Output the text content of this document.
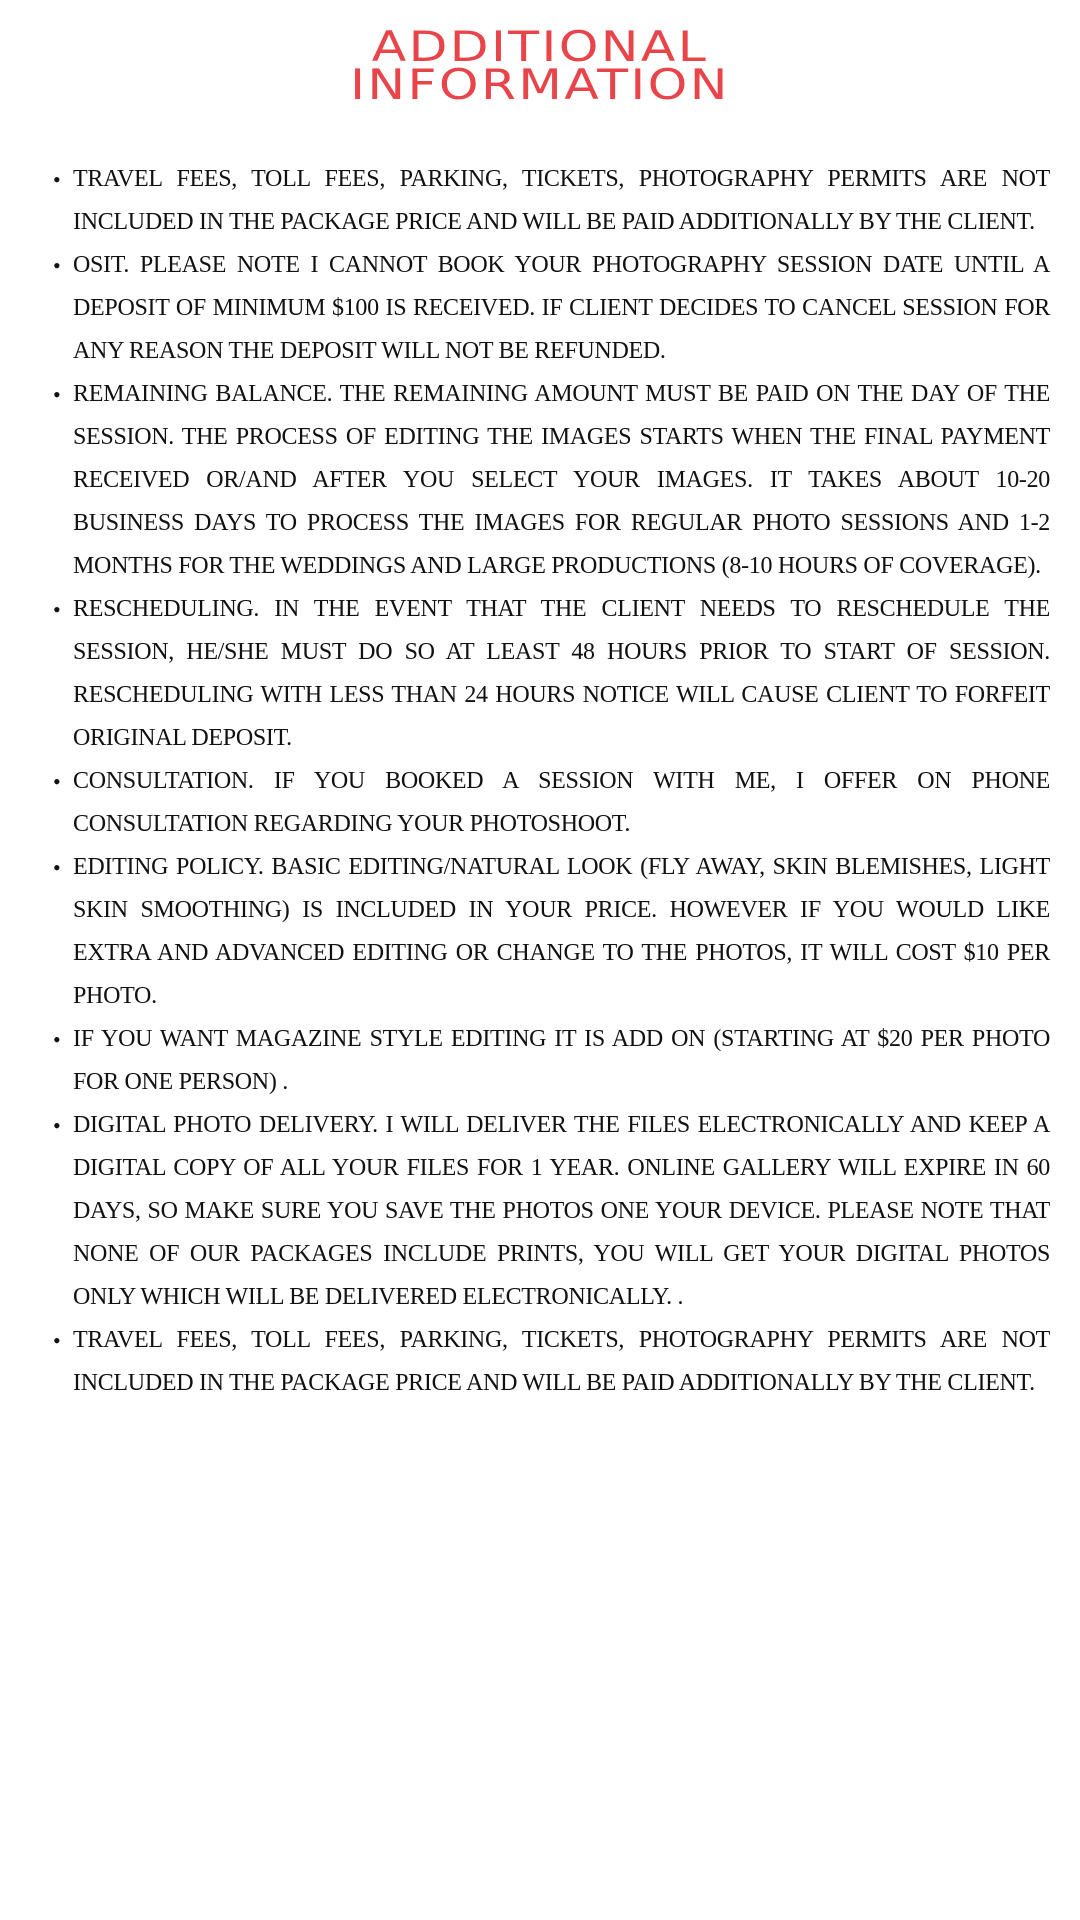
ADDITIONAL
INFORMATION
• TRAVEL FEES, TOLL FEES, PARKING, TICKETS, PHOTOGRAPHY PERMITS ARE NOT INCLUDED IN THE PACKAGE PRICE AND WILL BE PAID ADDITIONALLY BY THE CLIENT.
• OSIT. PLEASE NOTE I CANNOT BOOK YOUR PHOTOGRAPHY SESSION DATE UNTIL A DEPOSIT OF MINIMUM $100 IS RECEIVED. IF CLIENT DECIDES TO CANCEL SESSION FOR ANY REASON THE DEPOSIT WILL NOT BE REFUNDED.
• REMAINING BALANCE. THE REMAINING AMOUNT MUST BE PAID ON THE DAY OF THE SESSION. THE PROCESS OF EDITING THE IMAGES STARTS WHEN THE FINAL PAYMENT RECEIVED OR/AND AFTER YOU SELECT YOUR IMAGES. IT TAKES ABOUT 10-20 BUSINESS DAYS TO PROCESS THE IMAGES FOR REGULAR PHOTO SESSIONS AND 1-2 MONTHS FOR THE WEDDINGS AND LARGE PRODUCTIONS (8-10 HOURS OF COVERAGE).
• RESCHEDULING. IN THE EVENT THAT THE CLIENT NEEDS TO RESCHEDULE THE SESSION, HE/SHE MUST DO SO AT LEAST 48 HOURS PRIOR TO START OF SESSION. RESCHEDULING WITH LESS THAN 24 HOURS NOTICE WILL CAUSE CLIENT TO FORFEIT ORIGINAL DEPOSIT.
• CONSULTATION. IF YOU BOOKED A SESSION WITH ME, I OFFER ON PHONE CONSULTATION REGARDING YOUR PHOTOSHOOT.
• EDITING POLICY. BASIC EDITING/NATURAL LOOK (FLY AWAY, SKIN BLEMISHES, LIGHT SKIN SMOOTHING) IS INCLUDED IN YOUR PRICE. HOWEVER IF YOU WOULD LIKE EXTRA AND ADVANCED EDITING OR CHANGE TO THE PHOTOS, IT WILL COST $10 PER PHOTO.
• IF YOU WANT MAGAZINE STYLE EDITING IT IS ADD ON (STARTING AT $20 PER PHOTO FOR ONE PERSON) .
• DIGITAL PHOTO DELIVERY. I WILL DELIVER THE FILES ELECTRONICALLY AND KEEP A DIGITAL COPY OF ALL YOUR FILES FOR 1 YEAR. ONLINE GALLERY WILL EXPIRE IN 60 DAYS, SO MAKE SURE YOU SAVE THE PHOTOS ONE YOUR DEVICE. PLEASE NOTE THAT NONE OF OUR PACKAGES INCLUDE PRINTS, YOU WILL GET YOUR DIGITAL PHOTOS ONLY WHICH WILL BE DELIVERED ELECTRONICALLY. .
• TRAVEL FEES, TOLL FEES, PARKING, TICKETS, PHOTOGRAPHY PERMITS ARE NOT INCLUDED IN THE PACKAGE PRICE AND WILL BE PAID ADDITIONALLY BY THE CLIENT.
